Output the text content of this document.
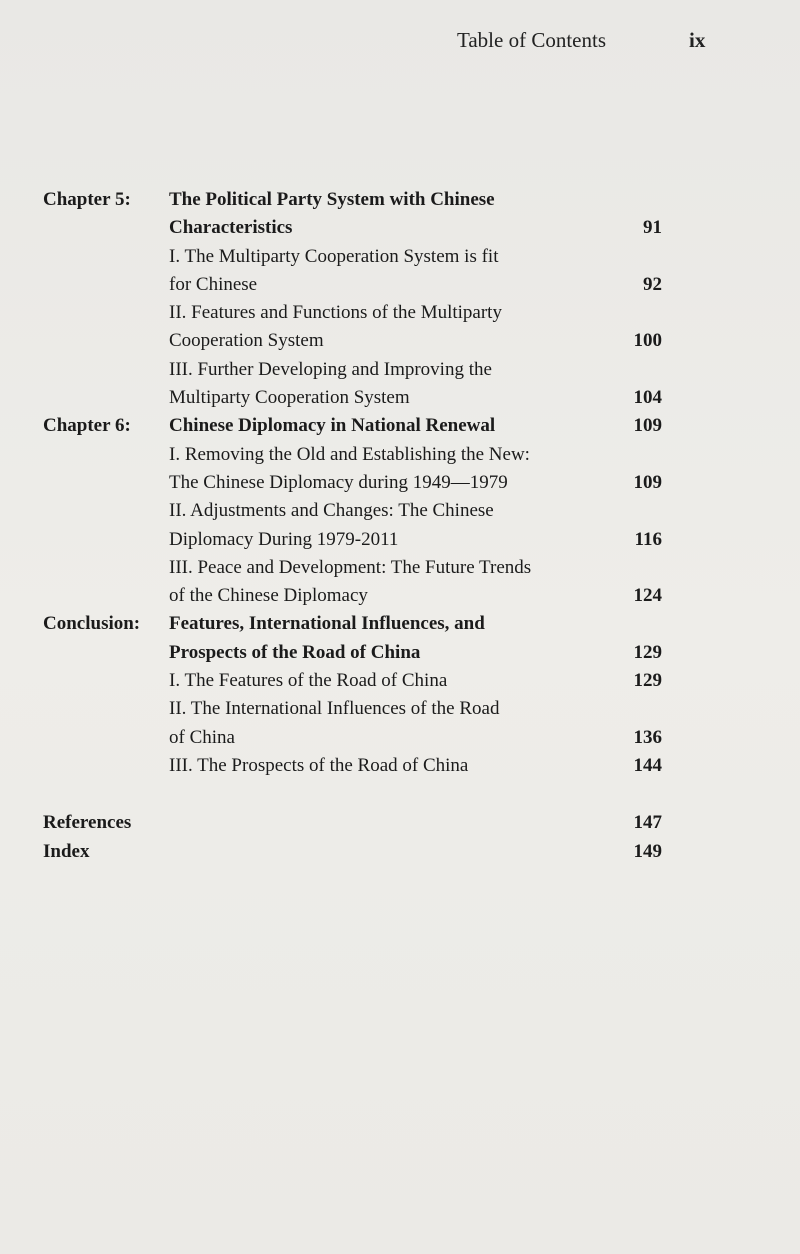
Table of Contents	ix
Chapter 5: The Political Party System with Chinese
Characteristics	91
I. The Multiparty Cooperation System is fit
for Chinese	92
II. Features and Functions of the Multiparty
Cooperation System	100
III. Further Developing and Improving the
Multiparty Cooperation System	104
Chapter 6: Chinese Diplomacy in National Renewal	109
I. Removing the Old and Establishing the New:
The Chinese Diplomacy during 1949—1979	109
II. Adjustments and Changes: The Chinese
Diplomacy During 1979-2011	116
III. Peace and Development: The Future Trends
of the Chinese Diplomacy	124
Conclusion: Features, International Influences, and
Prospects of the Road of China	129
I. The Features of the Road of China	129
II. The International Influences of the Road
of China	136
III. The Prospects of the Road of China	144
References	147
Index	149
